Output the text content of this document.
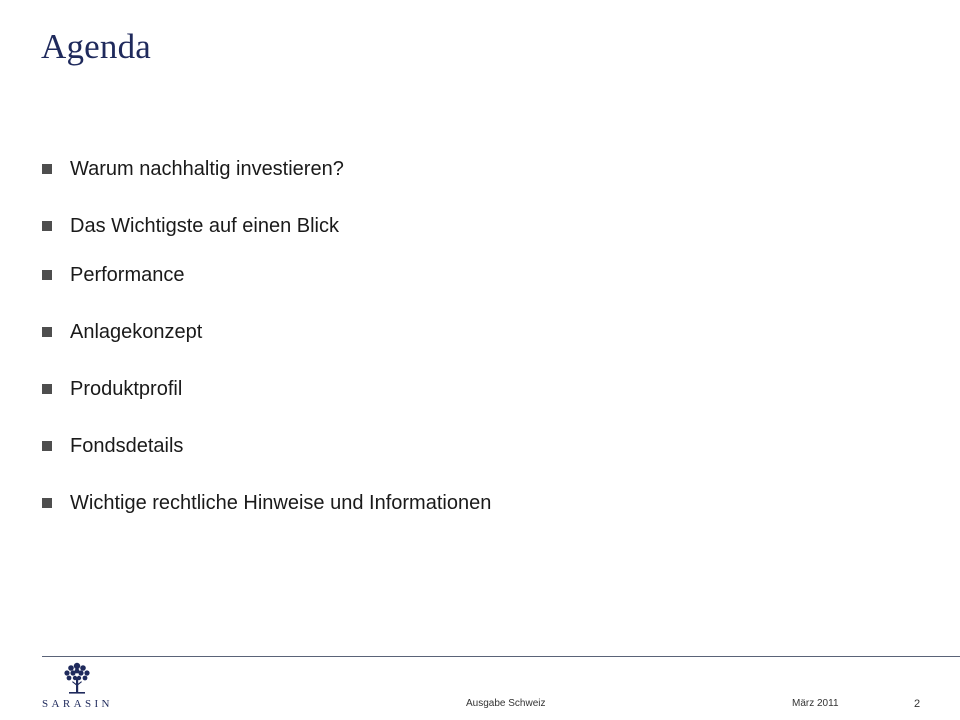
Agenda
Warum nachhaltig investieren?
Das Wichtigste auf einen Blick
Performance
Anlagekonzept
Produktprofil
Fondsdetails
Wichtige rechtliche Hinweise und Informationen
SARASIN	Ausgabe Schweiz	März 2011	2
